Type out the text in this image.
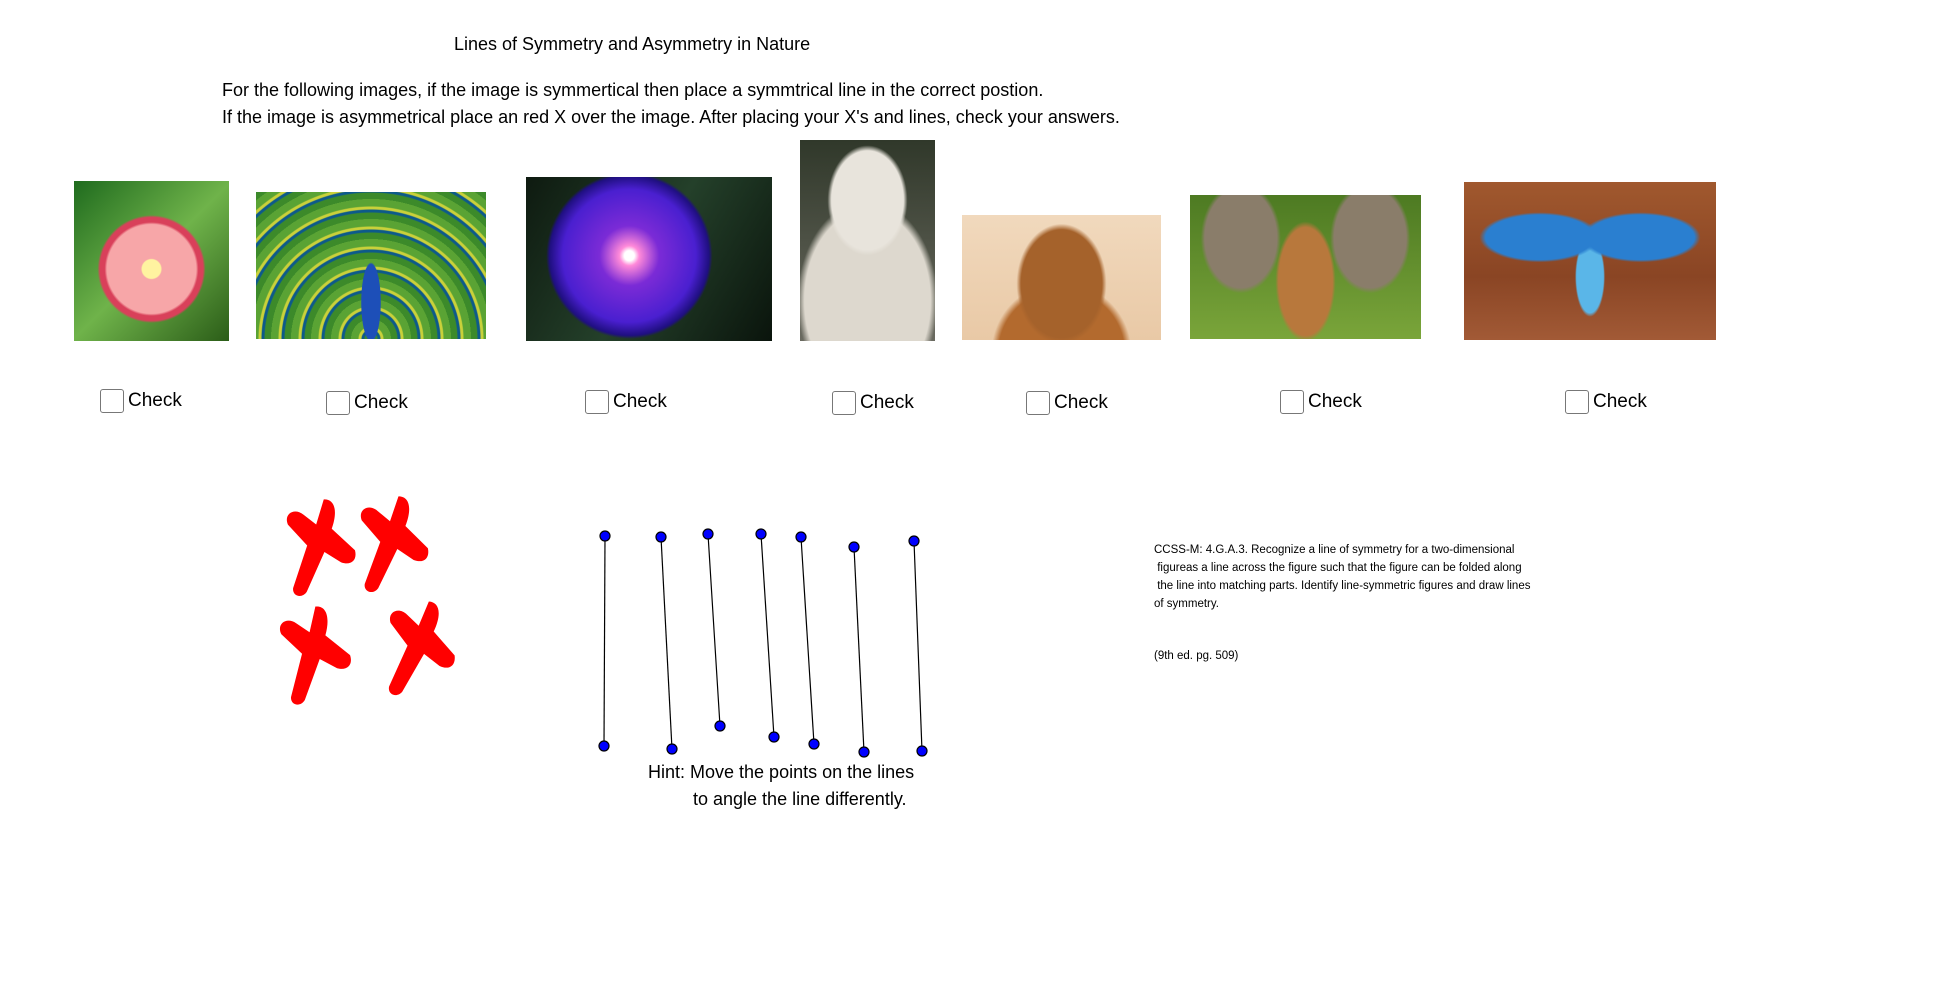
Lines of Symmetry and Asymmetry in Nature
For the following images, if the image is symmertical then place a symmtrical line in the correct postion.
If the image is asymmetrical place an red X over the image. After placing your X's and lines, check your answers.
Check	Check	Check	Check	Check	Check	Check
Hint: Move the points on the lines
to angle the line differently.
CCSS-M: 4.G.A.3. Recognize a line of symmetry for a two-dimensional
figureas a line across the figure such that the figure can be folded along
the line into matching parts. Identify line-symmetric figures and draw lines
of symmetry.
(9th ed. pg. 509)
